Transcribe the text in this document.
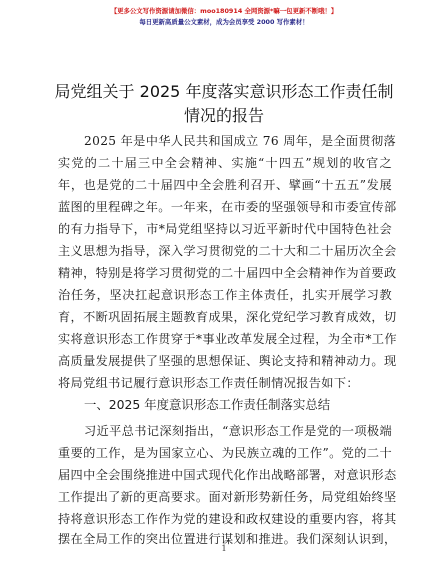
【更多公文写作资源请加微信：moo180914 全网资源*嘛一包更新不断哦！】
每日更新高质量公文素材，成为会员享受 2000 写作素材！
局党组关于 2025 年度落实意识形态工作责任制
情况的报告
2025 年是中华人民共和国成立 76 周年，是全面贯彻落
实党的二十届三中全会精神、实施“十四五”规划的收官之
年，也是党的二十届四中全会胜利召开、擘画“十五五”发展
蓝图的里程碑之年。一年来，在市委的坚强领导和市委宣传部
的有力指导下，市*局党组坚持以习近平新时代中国特色社会
主义思想为指导，深入学习贯彻党的二十大和二十届历次全会
精神，特别是将学习贯彻党的二十届四中全会精神作为首要政
治任务，坚决扛起意识形态工作主体责任，扎实开展学习教
育，不断巩固拓展主题教育成果，深化党纪学习教育成效，切
实将意识形态工作贯穿于*事业改革发展全过程，为全市*工作
高质量发展提供了坚强的思想保证、舆论支持和精神动力。现
将局党组书记履行意识形态工作责任制情况报告如下：
一、2025 年度意识形态工作责任制落实总结
习近平总书记深刻指出，“意识形态工作是党的一项极端
重要的工作，是为国家立心、为民族立魂的工作”。党的二十
届四中全会围绕推进中国式现代化作出战略部署，对意识形态
工作提出了新的更高要求。面对新形势新任务，局党组始终坚
持将意识形态工作作为党的建设和政权建设的重要内容，将其
摆在全局工作的突出位置进行谋划和推进。我们深刻认识到，
1
